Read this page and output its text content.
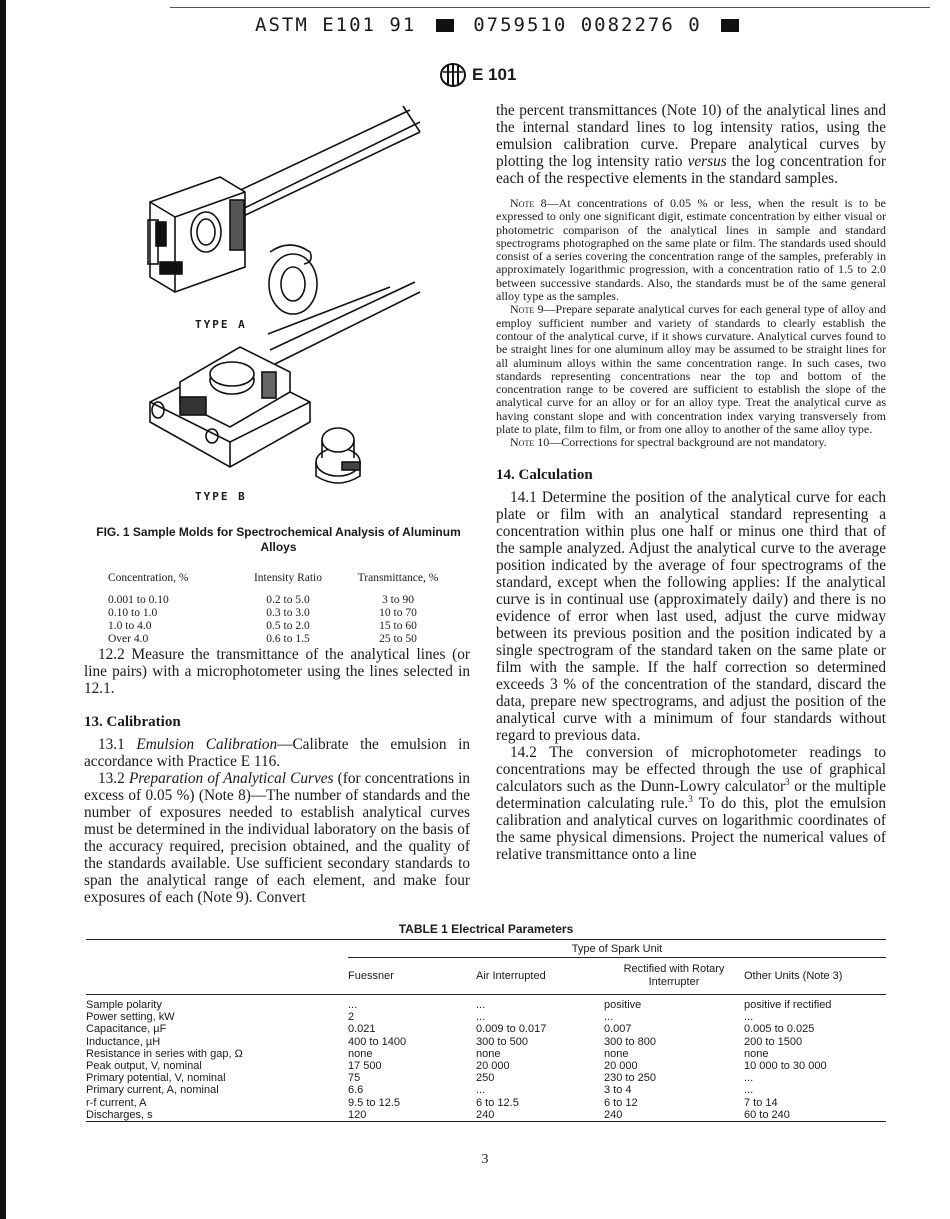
ASTM E101 91	0759510 0082276 0
E 101
TYPE A
TYPE B
FIG. 1 Sample Molds for Spectrochemical Analysis of Aluminum Alloys
Concentration, %	Intensity Ratio	Transmittance, %
0.001 to 0.10	0.2 to 5.0	3 to 90
0.10 to 1.0	0.3 to 3.0	10 to 70
1.0 to 4.0	0.5 to 2.0	15 to 60
Over 4.0	0.6 to 1.5	25 to 50

12.2 Measure the transmittance of the analytical lines (or line pairs) with a microphotometer using the lines selected in 12.1.

13. Calibration

13.1 Emulsion Calibration—Calibrate the emulsion in accordance with Practice E 116.

13.2 Preparation of Analytical Curves (for concentrations in excess of 0.05 %) (Note 8)—The number of standards and the number of exposures needed to establish analytical curves must be determined in the individual laboratory on the basis of the accuracy required, precision obtained, and the quality of the standards available. Use sufficient secondary standards to span the analytical range of each element, and make four exposures of each (Note 9). Convert

the percent transmittances (Note 10) of the analytical lines and the internal standard lines to log intensity ratios, using the emulsion calibration curve. Prepare analytical curves by plotting the log intensity ratio versus the log concentration for each of the respective elements in the standard samples.

Note 8—At concentrations of 0.05 % or less, when the result is to be expressed to only one significant digit, estimate concentration by either visual or photometric comparison of the analytical lines in sample and standard spectrograms photographed on the same plate or film. The standards used should consist of a series covering the concentration range of the samples, preferably in approximately logarithmic progression, with a concentration ratio of 1.5 to 2.0 between successive standards. Also, the standards must be of the same general alloy type as the samples.

Note 9—Prepare separate analytical curves for each general type of alloy and employ sufficient number and variety of standards to clearly establish the contour of the analytical curve, if it shows curvature. Analytical curves found to be straight lines for one aluminum alloy may be assumed to be straight lines for all aluminum alloys within the same concentration range. In such cases, two standards representing concentrations near the top and bottom of the concentration range to be covered are sufficient to establish the slope of the analytical curve for an alloy or for an alloy type. Treat the analytical curve as having constant slope and with concentration index varying transversely from plate to plate, film to film, or from one alloy to another of the same alloy type.

Note 10—Corrections for spectral background are not mandatory.

14. Calculation

14.1 Determine the position of the analytical curve for each plate or film with an analytical standard representing a concentration within plus one half or minus one third that of the sample analyzed. Adjust the analytical curve to the average position indicated by the average of four spectrograms of the standard, except when the following applies: If the analytical curve is in continual use (approximately daily) and there is no evidence of error when last used, adjust the curve midway between its previous position and the position indicated by a single spectrogram of the standard taken on the same plate or film with the sample. If the half correction so determined exceeds 3 % of the concentration of the standard, discard the data, prepare new spectrograms, and adjust the position of the analytical curve with a minimum of four standards without regard to previous data.

14.2 The conversion of microphotometer readings to concentrations may be effected through the use of graphical calculators such as the Dunn-Lowry calculator$^3$ or the multiple determination calculating rule.$^3$ To do this, plot the emulsion calibration and analytical curves on logarithmic coordinates of the same physical dimensions. Project the numerical values of relative transmittance onto a line

TABLE 1 Electrical Parameters
	Type of Spark Unit			
	Fuessner	Air Interrupted	Rectified with Rotary Interrupter	Other Units (Note 3)
Sample polarity	...	...	positive	positive if rectified
Power setting, kW	2	...	...	...
Capacitance, µF	0.021	0.009 to 0.017	0.007	0.005 to 0.025
Inductance, µH	400 to 1400	300 to 500	300 to 800	200 to 1500
Resistance in series with gap, Ω	none	none	none	none
Peak output, V, nominal	17 500	20 000	20 000	10 000 to 30 000
Primary potential, V, nominal	75	250	230 to 250	...
Primary current, A, nominal	6.6	...	3 to 4	...
r-f current, A	9.5 to 12.5	6 to 12.5	6 to 12	7 to 14
Discharges, s	120	240	240	60 to 240
3
